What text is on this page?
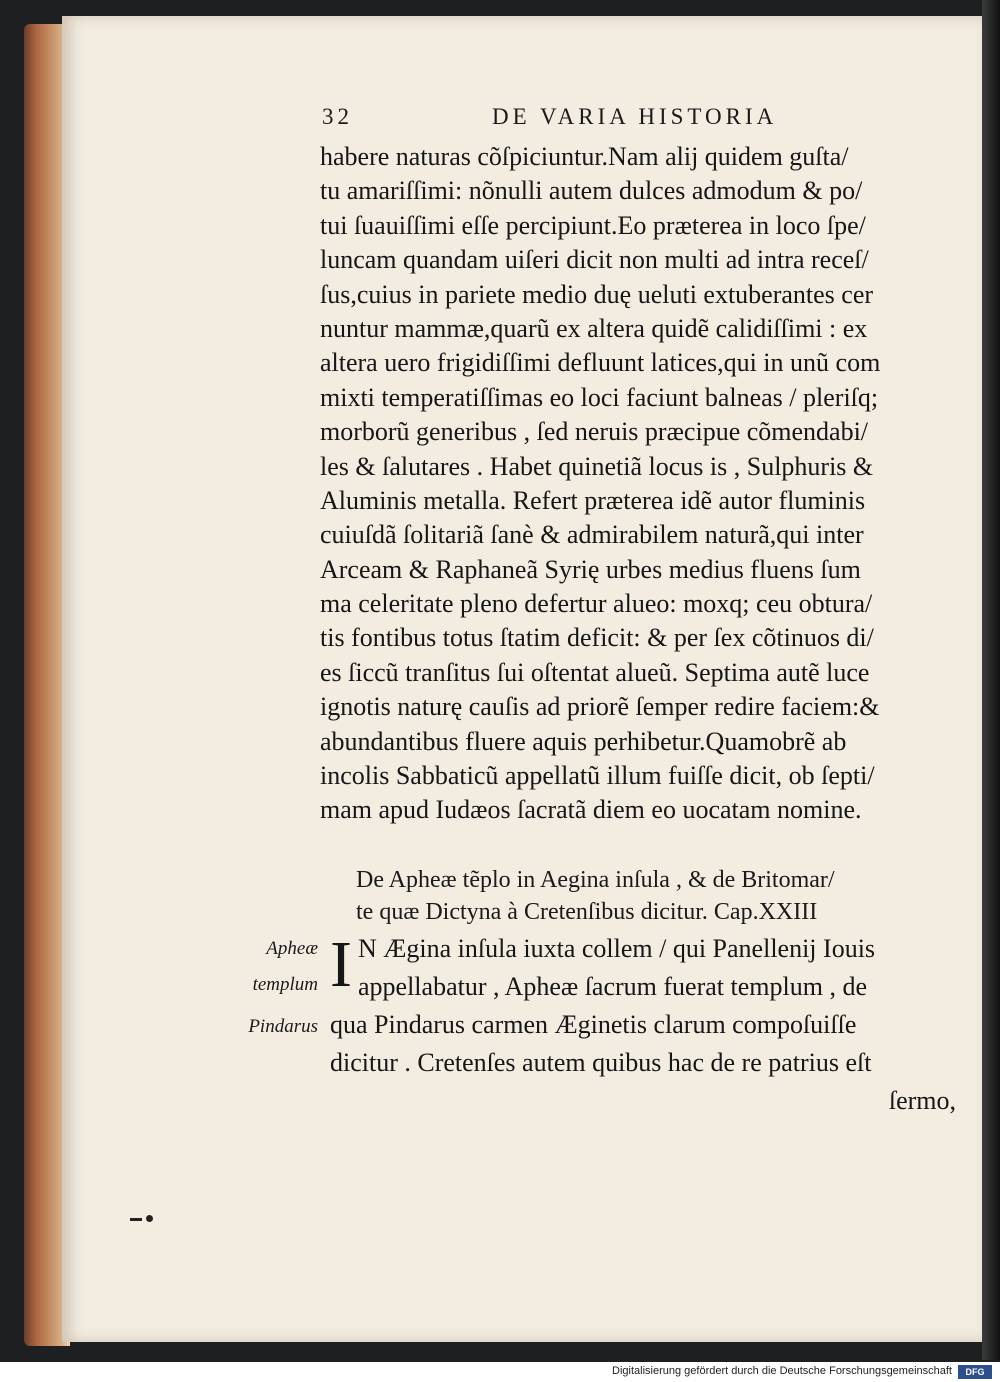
32	DE VARIA HISTORIA
habere naturas cõſpiciuntur.Nam alij quidem guſta/
tu amariſſimi: nõnulli autem dulces admodum & po/
tui ſuauiſſimi eſſe percipiunt.Eo præterea in loco ſpe/
luncam quandam uiſeri dicit non multi ad intra receſ/
ſus,cuius in pariete medio duę ueluti extuberantes cer
nuntur mammæ,quarũ ex altera quidẽ calidiſſimi : ex
altera uero frigidiſſimi defluunt latices,qui in unũ com
mixti temperatiſſimas eo loci faciunt balneas / pleriſq;
morborũ generibus , ſed neruis præcipue cõmendabi/
les & ſalutares . Habet quinetiã locus is , Sulphuris &
Aluminis metalla. Refert præterea idẽ autor fluminis
cuiuſdã ſolitariã ſanè & admirabilem naturã,qui inter
Arceam & Raphaneã Syrię urbes medius fluens ſum
ma celeritate pleno defertur alueo: moxq; ceu obtura/
tis fontibus totus ſtatim deficit: & per ſex cõtinuos di/
es ſiccũ tranſitus ſui oſtentat alueũ. Septima autẽ luce
ignotis naturę cauſis ad priorẽ ſemper redire faciem:&
abundantibus fluere aquis perhibetur.Quamobrẽ ab
incolis Sabbaticũ appellatũ illum fuiſſe dicit, ob ſepti/
mam apud Iudæos ſacratã diem eo uocatam nomine.
De Apheæ tẽplo in Aegina inſula , & de Britomar/
te quæ Dictyna à Cretenſibus dicitur. Cap.XXIII
I N Ægina inſula iuxta collem / qui Panellenij Iouis
appellabatur , Apheæ ſacrum fuerat templum , de
qua Pindarus carmen Æginetis clarum compoſuiſſe
dicitur . Cretenſes autem quibus hac de re patrius eſt
ſermo,
Apheæ
templum
Pindarus
Digitalisierung gefördert durch die Deutsche Forschungsgemeinschaft	DFG
